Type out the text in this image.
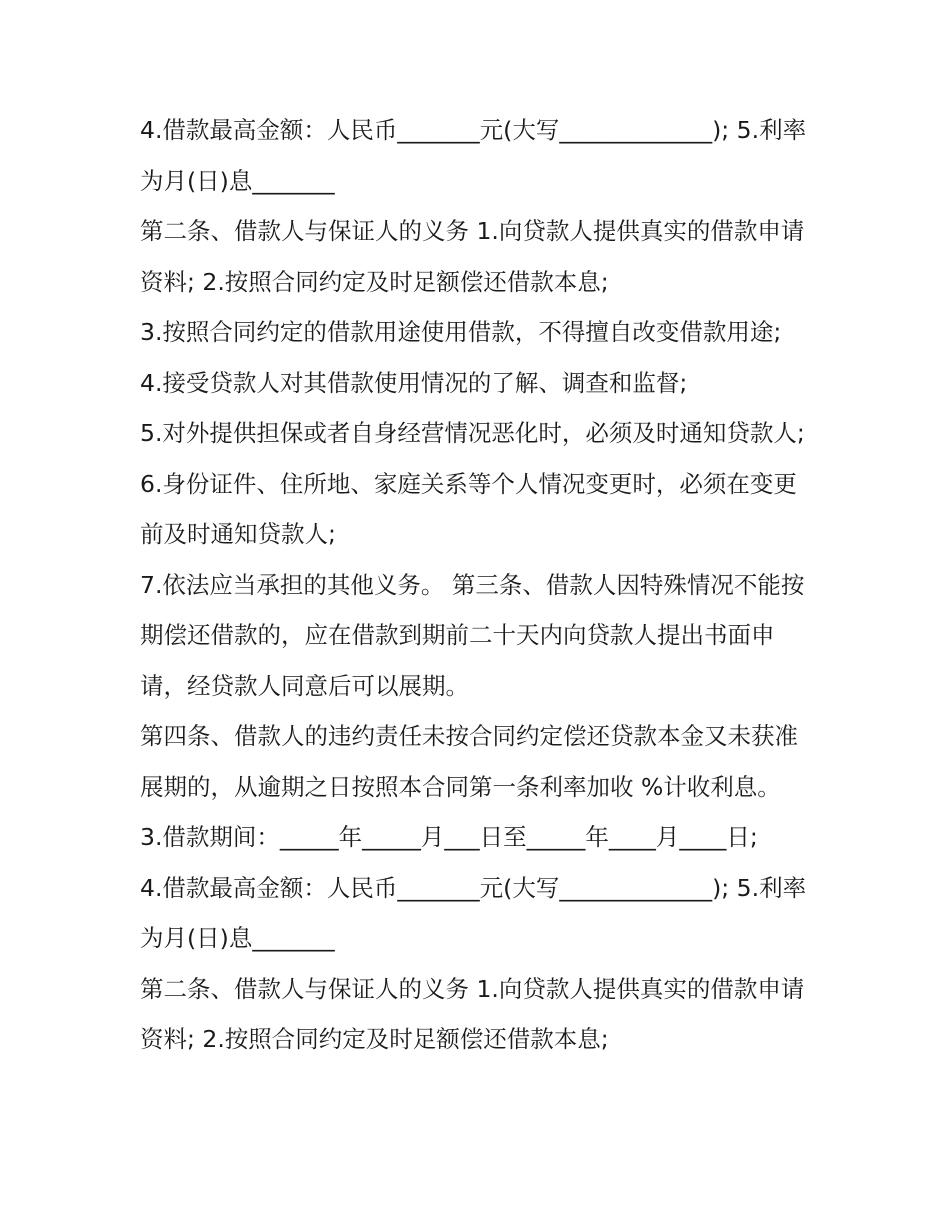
4.借款最高金额：人民币_______元(大写_____________); 5.利率为月(日)息_______

第二条、借款人与保证人的义务 1.向贷款人提供真实的借款申请资料; 2.按照合同约定及时足额偿还借款本息;

3.按照合同约定的借款用途使用借款，不得擅自改变借款用途;

4.接受贷款人对其借款使用情况的了解、调查和监督;

5.对外提供担保或者自身经营情况恶化时，必须及时通知贷款人; 6.身份证件、住所地、家庭关系等个人情况变更时，必须在变更前及时通知贷款人;

7.依法应当承担的其他义务。 第三条、借款人因特殊情况不能按期偿还借款的，应在借款到期前二十天内向贷款人提出书面申请，经贷款人同意后可以展期。

第四条、借款人的违约责任未按合同约定偿还贷款本金又未获准展期的，从逾期之日按照本合同第一条利率加收 %计收利息。

3.借款期间：_____年_____月___日至_____年____月____日;

4.借款最高金额：人民币_______元(大写_____________); 5.利率为月(日)息_______

第二条、借款人与保证人的义务 1.向贷款人提供真实的借款申请资料; 2.按照合同约定及时足额偿还借款本息;
